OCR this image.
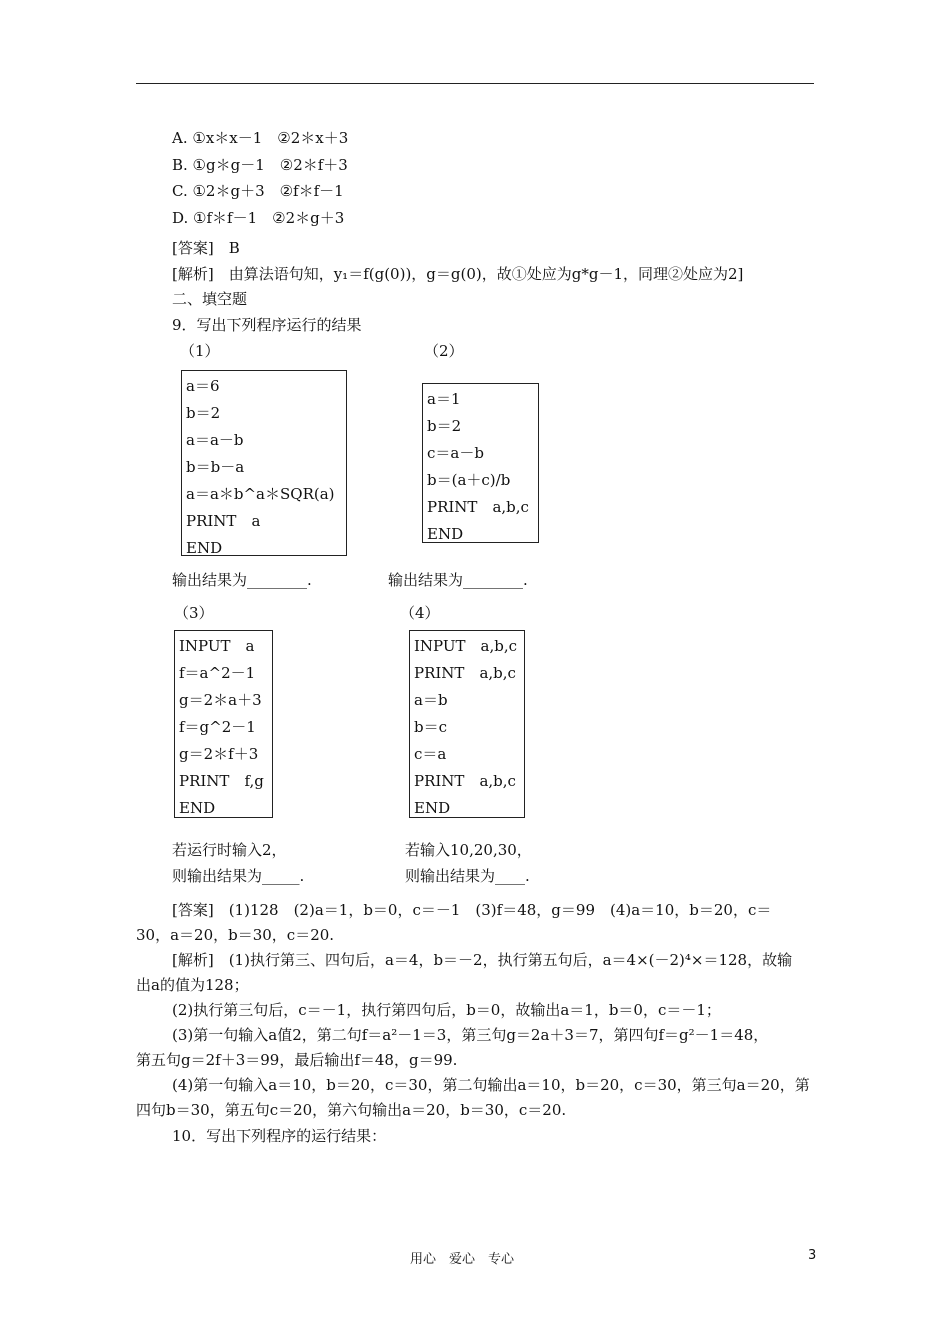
A. ①x＊x－1　②2＊x＋3
B. ①g＊g－1　②2＊f＋3
C. ①2＊g＋3　②f＊f－1
D. ①f＊f－1　②2＊g＋3
[答案]　B
[解析]　由算法语句知，y₁＝f(g(0))，g＝g(0)，故①处应为g*g－1，同理②处应为2]
二、填空题
9．写出下列程序运行的结果
（1）	（2）
a＝6
b＝2
a＝a－b
b＝b－a
a＝a＊b^a＊SQR(a)
PRINT　a
END
a＝1
b＝2
c＝a－b
b＝(a＋c)/b
PRINT　a,b,c
END
输出结果为________.	输出结果为________.
（3）	（4）
INPUT　a
f＝a^2－1
g＝2＊a＋3
f＝g^2－1
g＝2＊f＋3
PRINT　f,g
END
INPUT　a,b,c
PRINT　a,b,c
a＝b
b＝c
c＝a
PRINT　a,b,c
END
若运行时输入2，
则输出结果为_____.
若输入10,20,30，
则输出结果为____.
[答案]　(1)128　(2)a＝1，b＝0，c＝－1　(3)f＝48，g＝99　(4)a＝10，b＝20，c＝
30，a＝20，b＝30，c＝20.
[解析]　(1)执行第三、四句后，a＝4，b＝－2，执行第五句后，a＝4×(－2)⁴×＝128，故输
出a的值为128；
(2)执行第三句后，c＝－1，执行第四句后，b＝0，故输出a＝1，b＝0，c＝－1；
(3)第一句输入a值2，第二句f＝a²－1＝3，第三句g＝2a＋3＝7，第四句f＝g²－1＝48，
第五句g＝2f＋3＝99，最后输出f＝48，g＝99.
(4)第一句输入a＝10，b＝20，c＝30，第二句输出a＝10，b＝20，c＝30，第三句a＝20，第
四句b＝30，第五句c＝20，第六句输出a＝20，b＝30，c＝20.
10．写出下列程序的运行结果：
用心　爱心　专心	3
